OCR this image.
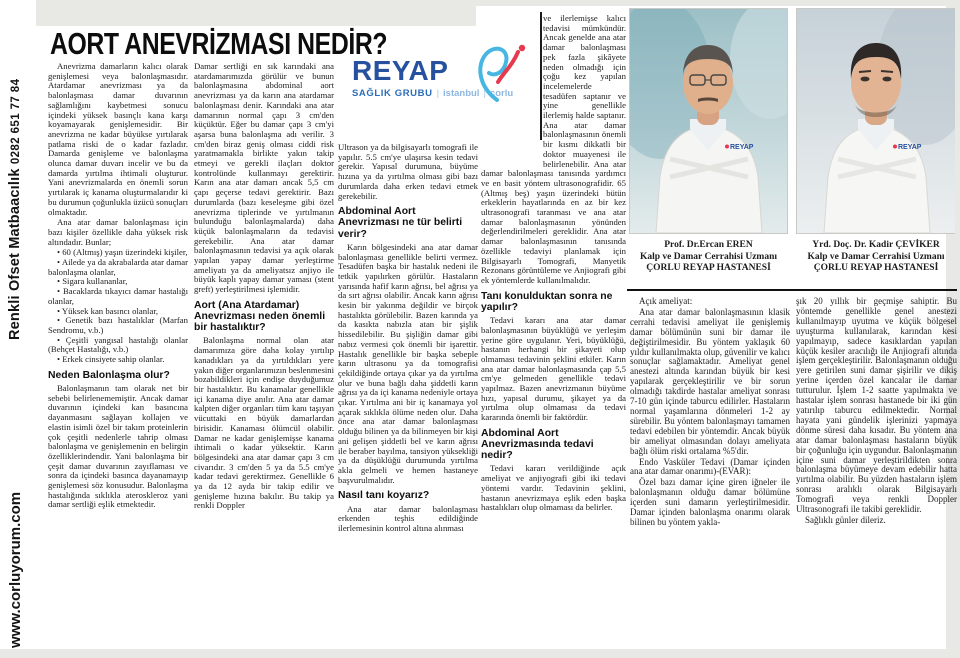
Renkli Ofset Matbaacılık 0282 651 77 84
www.corluyorum.com
AORT ANEVRİZMASI NEDİR?
REYAP
SAĞLIK GRUBU | istanbul | çorlu
Anevrizma damarların kalıcı olarak genişlemesi veya balonlaşmasıdır. Atardamar anevrizması ya da balonlaşması damar duvarının sağlamlığını kaybetmesi sonucu içindeki yüksek basınçlı kana karşı koyamayarak genişlemesidir. Bir anevrizma ne kadar büyükse yırtılarak patlama riski de o kadar fazladır. Damarda genişleme ve balonlaşma olunca damar duvarı incelir ve bu da damarda yırtılma ihtimali oluşturur. Yani anevrizmalarda en önemli sorun yırtılarak iç kanama oluşturmalarıdır ki bu durumun çoğunlukla üzücü sonuçları olmaktadır.
Ana atar damar balonlaşması için bazı kişiler özellikle daha yüksek risk altındadır. Bunlar;
• 60 (Altmış) yaşın üzerindeki kişiler,
• Ailede ya da akrabalarda atar damar balonlaşma olanlar,
• Sigara kullananlar,
• Bacaklarda tıkayıcı damar hastalığı olanlar,
• Yüksek kan basıncı olanlar,
• Genetik bazı hastalıklar (Marfan Sendromu, v.b.)
• Çeşitli yangısal hastalığı olanlar (Behçet Hastalığı, v.b.)
• Erkek cinsiyete sahip olanlar.
Neden Balonlaşma olur?
Balonlaşmanın tam olarak net bir sebebi belirlenememiştir. Ancak damar duvarının içindeki kan basıncına dayanmasını sağlayan kollajen ve elastin isimli özel bir takım proteinlerin çok çeşitli nedenlerle tahrip olması balonlaşma ve genişlemenin en belirgin özelliklerindendir. Yani balonlaşma bir çeşit damar duvarının zayıflaması ve sonra da içindeki basınca dayanamayıp genişlemesi söz konusudur. Balonlaşma hastalığında sıklıkla ateroskleroz yani damar sertliği eşlik etmektedir.
Damar sertliği en sık karındaki ana atardamarımızda görülür ve bunun balonlaşmasına abdominal aort anevrizması ya da karın ana atardamar balonlaşması denir. Karındaki ana atar damarının normal çapı 3 cm'den küçüktür. Eğer bu damar çapı 3 cm'yi aşarsa buna balonlaşma adı verilir. 3 cm'den biraz geniş olması ciddi risk yaratmamakla birlikte yakın takip etmeyi ve gerekli ilaçları doktor kontrolünde kullanmayı gerektirir. Karın ana atar damarı ancak 5,5 cm çapı geçerse tedavi gerektirir. Bazı durumlarda (bazı keseleşme gibi özel anevrizma tiplerinde ve yırtılmanın bulunduğu balonlaşmalarda) daha küçük balonlaşmaların da tedavisi gerekebilir. Ana atar damar balonlaşmasının tedavisi ya açık olarak yapılan yapay damar yerleştirme ameliyatı ya da ameliyatsız anjiyo ile büyük kaplı yapay damar yaması (stent greft) yerleştirilmesi işlemidir.
Aort (Ana Atardamar) Anevrizması neden önemli bir hastalıktır?
Balonlaşma normal olan atar damarımıza göre daha kolay yırtılıp kanadıkları ya da yırtıldıkları yere yakın diğer organlarımızın beslenmesini bozabildikleri için endişe duyduğumuz bir hastalıktır. Bu kanamalar genellikle içi kanama diye anılır. Ana atar damar kalpten diğer organları tüm kanı taşıyan vücuttaki en büyük damarlardan birisidir. Kanaması ölümcül olabilir. Damar ne kadar genişlemişse kanama ihtimali o kadar yüksektir. Karın bölgesindeki ana atar damar çapı 3 cm civarıdır. 3 cm'den 5 ya da 5.5 cm'ye kadar tedavi gerektirmez. Genellikle 6 ya da 12 ayda bir takip edilir ve genişleme hızına bakılır. Bu takip ya renkli Doppler
Ultrason ya da bilgisayarlı tomografi ile yapılır. 5.5 cm'ye ulaşırsa kesin tedavi gerekir. Yapısal durumuna, büyüme hızına ya da yırtılma olması gibi bazı durumlarda daha erken tedavi etmek gerekebilir.
Abdominal Aort Anevrizması ne tür belirti verir?
Karın bölgesindeki ana atar damar balonlaşması genellikle belirti vermez. Tesadüfen başka bir hastalık nedeni ile tetkik yapılırken görülür. Hastaların yarısında hafif karın ağrısı, bel ağrısı ya da sırt ağrısı olabilir. Ancak karın ağrısı kesin bir yakınma değildir ve birçok hastalıkta görülebilir. Bazen karında ya da kasıkta nabızla atan bir şişlik hissedilebilir. Bu şişliğin damar gibi nabız vermesi çok önemli bir işarettir. Hastalık genellikle bir başka sebeple karın ultrasonu ya da tomografisi çekildiğinde ortaya çıkar ya da yırtılma olur ve buna bağlı daha şiddetli karın ağrısı ya da içi kanama nedeniyle ortaya çıkar. Yırtılma ani bir iç kanamaya yol açarak sıklıkla ölüme neden olur. Daha önce ana atar damar balonlaşması olduğu bilinen ya da bilinmeyen bir kişi ani gelişen şiddetli bel ve karın ağrısı ile beraber bayılma, tansiyon yüksekliği ya da düşüklüğü durumunda yırtılma akla gelmeli ve hemen hastaneye başvurulmalıdır.
Nasıl tanı koyarız?
Ana atar damar balonlaşması erkenden teşhis edildiğinde ilerlemesinin kontrol altına alınması
ve ilerlemişse kalıcı tedavisi mümkündür. Ancak genelde ana atar damar balonlaşması pek fazla şikâyete neden olmadığı için çoğu kez yapılan incelemelerde tesadüfen saptanır ve yine genellikle ilerlemiş halde saptanır. Ana atar damar balonlaşmasının önemli bir kısmı dikkatli bir doktor muayenesi ile belirlenebilir. Ana atar damar balonlaşması tanısında yardımcı ve en basit yöntem ultrasonografidir. 65 (Altmış beş) yaşın üzerindeki bütün erkeklerin hayatlarında en az bir kez ultrasonografi taranması ve ana atar damar balonlaşmasının yönünden değerlendirilmeleri gereklidir. Ana atar damar balonlaşmasının tanısında özellikle tedaviyi planlamak için Bilgisayarlı Tomografi, Manyetik Rezonans görüntüleme ve Anjiografi gibi ek yöntemlerde kullanılmalıdır.
Tanı konulduktan sonra ne yapılır?
Tedavi kararı ana atar damar balonlaşmasının büyüklüğü ve yerleşim yerine göre uygulanır. Yeri, büyüklüğü, hastanın herhangi bir şikayeti olup olmaması tedavinin şeklini etkiler. Karın ana atar damar balonlaşmasında çap 5,5 cm'ye gelmeden genellikle tedavi yapılmaz. Bazen anevrizmanın büyüme hızı, yapısal durumu, şikayet ya da yırtılma olup olmaması da tedavi kararında önemli bir faktördür.
Abdominal Aort Anevrizmasında tedavi nedir?
Tedavi kararı verildiğinde açık ameliyat ve anjiyografi gibi iki tedavi yöntemi vardır. Tedavinin şeklini, hastanın anevrizmaya eşlik eden başka hastalıkları olup olmaması da belirler.
Açık ameliyat:
Ana atar damar balonlaşmasının klasik cerrahi tedavisi ameliyat ile genişlemiş damar bölümünün suni bir damar ile değiştirilmesidir. Bu yöntem yaklaşık 60 yıldır kullanılmakta olup, güvenilir ve kalıcı sonuçlar sağlamaktadır. Ameliyat genel anestezi altında karından büyük bir kesi yapılarak gerçekleştirilir ve bir sorun olmadığı takdirde hastalar ameliyat sonrası 7-10 gün içinde taburcu edilirler. Hastaların normal yaşamlarına dönmeleri 1-2 ay sürebilir. Bu yöntem balonlaşmayı tamamen tedavi edebilen bir yöntemdir. Ancak büyük bir ameliyat olmasından dolayı ameliyata bağlı ölüm riski ortalama %5'dir.
Endo Vasküler Tedavi (Damar içinden ana atar damar onarımı)-(EVAR):
Özel bazı damar içine giren iğneler ile balonlaşmanın olduğu damar bölümüne içerden suni damarın yerleştirilmesidir. Damar içinden balonlaşma onarımı olarak bilinen bu yöntem yakla-
şık 20 yıllık bir geçmişe sahiptir. Bu yöntemde genellikle genel anestezi kullanılmayıp uyutma ve küçük bölgesel uyuşturma kullanılarak, karından kesi yapılmayıp, sadece kasıklardan yapılan küçük kesiler aracılığı ile Anjiografi altında işlem gerçekleştirilir. Balonlaşmanın olduğu yere getirilen suni damar şişirilir ve dikiş yerine içerden özel kancalar ile damar tutturulur. İşlem 1-2 saatte yapılmakta ve hastalar işlem sonrası hastanede bir iki gün yatırılıp taburcu edilmektedir. Normal hayata yani gündelik işlerinizi yapmaya dönme süresi daha kısadır. Bu yöntem ana atar damar balonlaşması hastaların büyük bir çoğunluğu için uygundur. Balonlaşmanın içine suni damar yerleştirildikten sonra balonlaşma büyümeye devam edebilir hatta yırtılma olabilir. Bu yüzden hastaların işlem sonrası aralıklı olarak Bilgisayarlı Tomografi veya renkli Doppler Ultrasonografi ile takibi gereklidir.
Sağlıklı günler dileriz.
REYAP	REYAP
Prof. Dr.Ercan EREN
Kalp ve Damar Cerrahisi Uzmanı
ÇORLU REYAP HASTANESİ
Yrd. Doç. Dr. Kadir ÇEVİKER
Kalp ve Damar Cerrahisi Uzmanı
ÇORLU REYAP HASTANESİ
